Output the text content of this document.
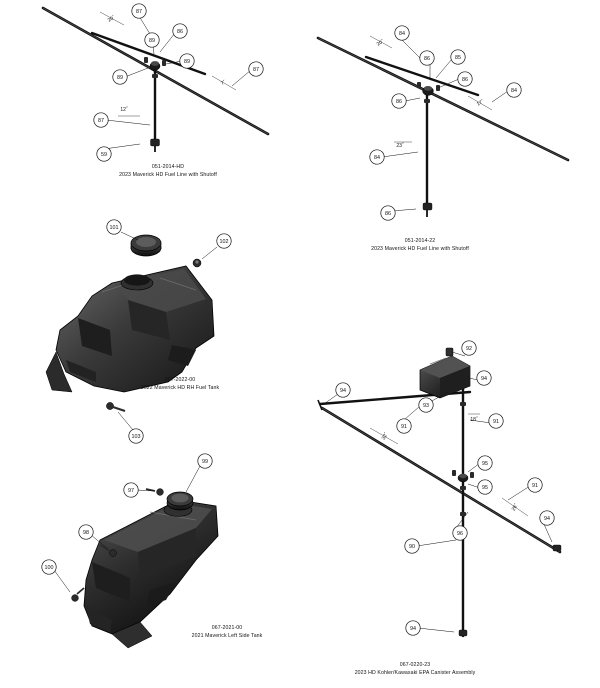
87
89
86
89
89
87
87
59
20˝
7˝
12˝
84
86	85
86
84
86
84
86
20˝
17˝
23˝
101
102
103
99
97
98
100
92
94
93
94
91
91
95
95	91
94
96
90
94
18˝
32˝
26˝
051-2014-HD
2023 Maverick HD Fuel Line with Shutoff
051-2014-22
2023 Maverick HD Fuel Line with Shutoff
067-2022-00
2022 Maverick HD RH Fuel Tank
067-2021-00
2021 Maverick Left Side Tank
067-0220-23
2023 HD Kohler/Kawasaki EPA Canister Assembly
